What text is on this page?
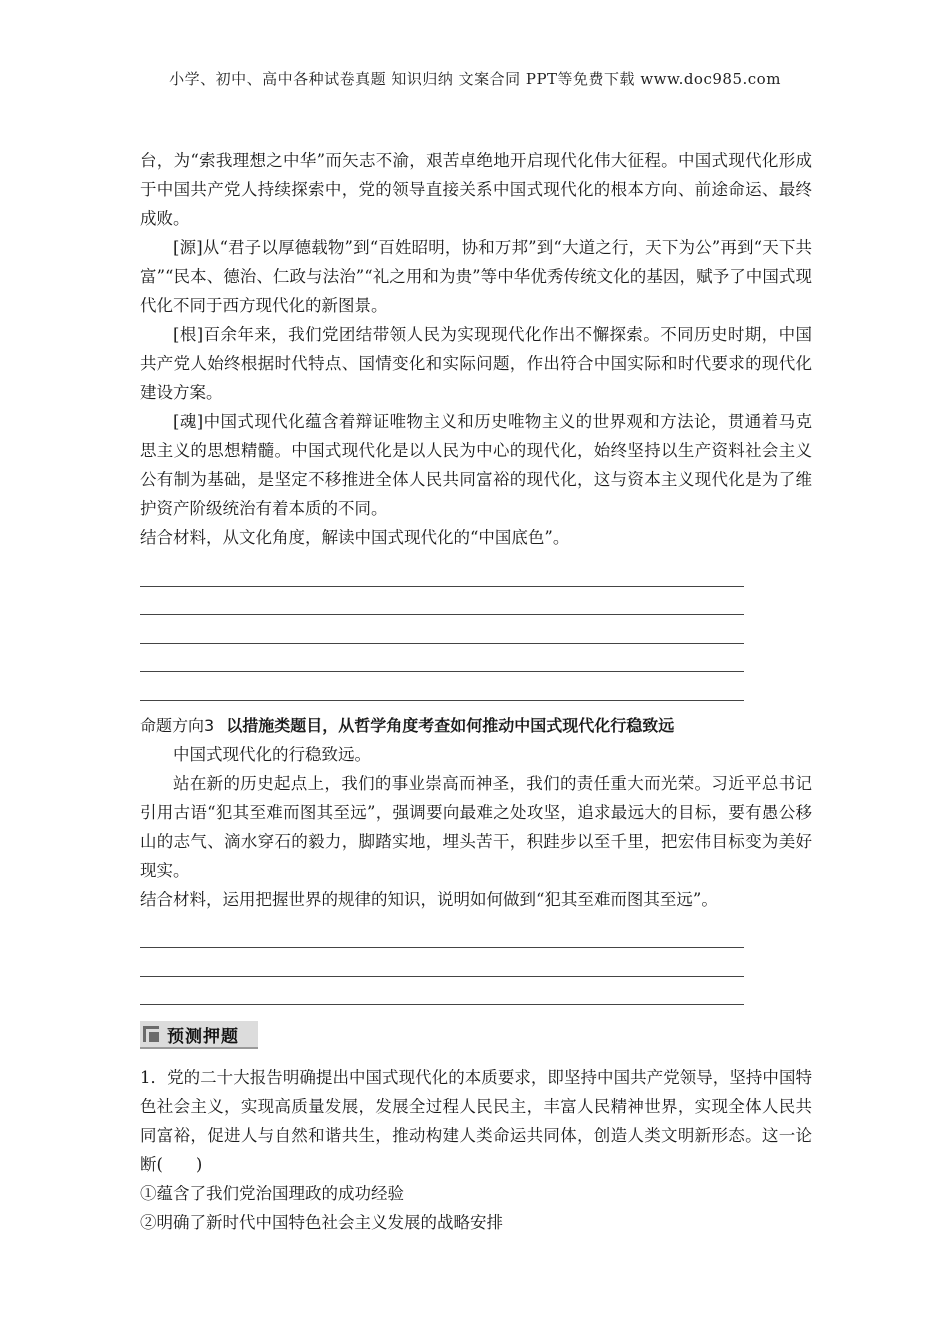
小学、初中、高中各种试卷真题 知识归纳 文案合同 PPT等免费下载 www.doc985.com

台，为“索我理想之中华”而矢志不渝，艰苦卓绝地开启现代化伟大征程。中国式现代化形成于中国共产党人持续探索中，党的领导直接关系中国式现代化的根本方向、前途命运、最终成败。

[源]从“君子以厚德载物”到“百姓昭明，协和万邦”到“大道之行，天下为公”再到“天下共富”“民本、德治、仁政与法治”“礼之用和为贵”等中华优秀传统文化的基因，赋予了中国式现代化不同于西方现代化的新图景。

[根]百余年来，我们党团结带领人民为实现现代化作出不懈探索。不同历史时期，中国共产党人始终根据时代特点、国情变化和实际问题，作出符合中国实际和时代要求的现代化建设方案。

[魂]中国式现代化蕴含着辩证唯物主义和历史唯物主义的世界观和方法论，贯通着马克思主义的思想精髓。中国式现代化是以人民为中心的现代化，始终坚持以生产资料社会主义公有制为基础，是坚定不移推进全体人民共同富裕的现代化，这与资本主义现代化是为了维护资产阶级统治有着本质的不同。

结合材料，从文化角度，解读中国式现代化的“中国底色”。

命题方向3 以措施类题目，从哲学角度考查如何推动中国式现代化行稳致远

中国式现代化的行稳致远。

站在新的历史起点上，我们的事业崇高而神圣，我们的责任重大而光荣。习近平总书记引用古语“犯其至难而图其至远”，强调要向最难之处攻坚，追求最远大的目标，要有愚公移山的志气、滴水穿石的毅力，脚踏实地，埋头苦干，积跬步以至千里，把宏伟目标变为美好现实。

结合材料，运用把握世界的规律的知识，说明如何做到“犯其至难而图其至远”。

预测押题

1．党的二十大报告明确提出中国式现代化的本质要求，即坚持中国共产党领导，坚持中国特色社会主义，实现高质量发展，发展全过程人民民主，丰富人民精神世界，实现全体人民共同富裕，促进人与自然和谐共生，推动构建人类命运共同体，创造人类文明新形态。这一论断(　　)

①蕴含了我们党治国理政的成功经验

②明确了新时代中国特色社会主义发展的战略安排
